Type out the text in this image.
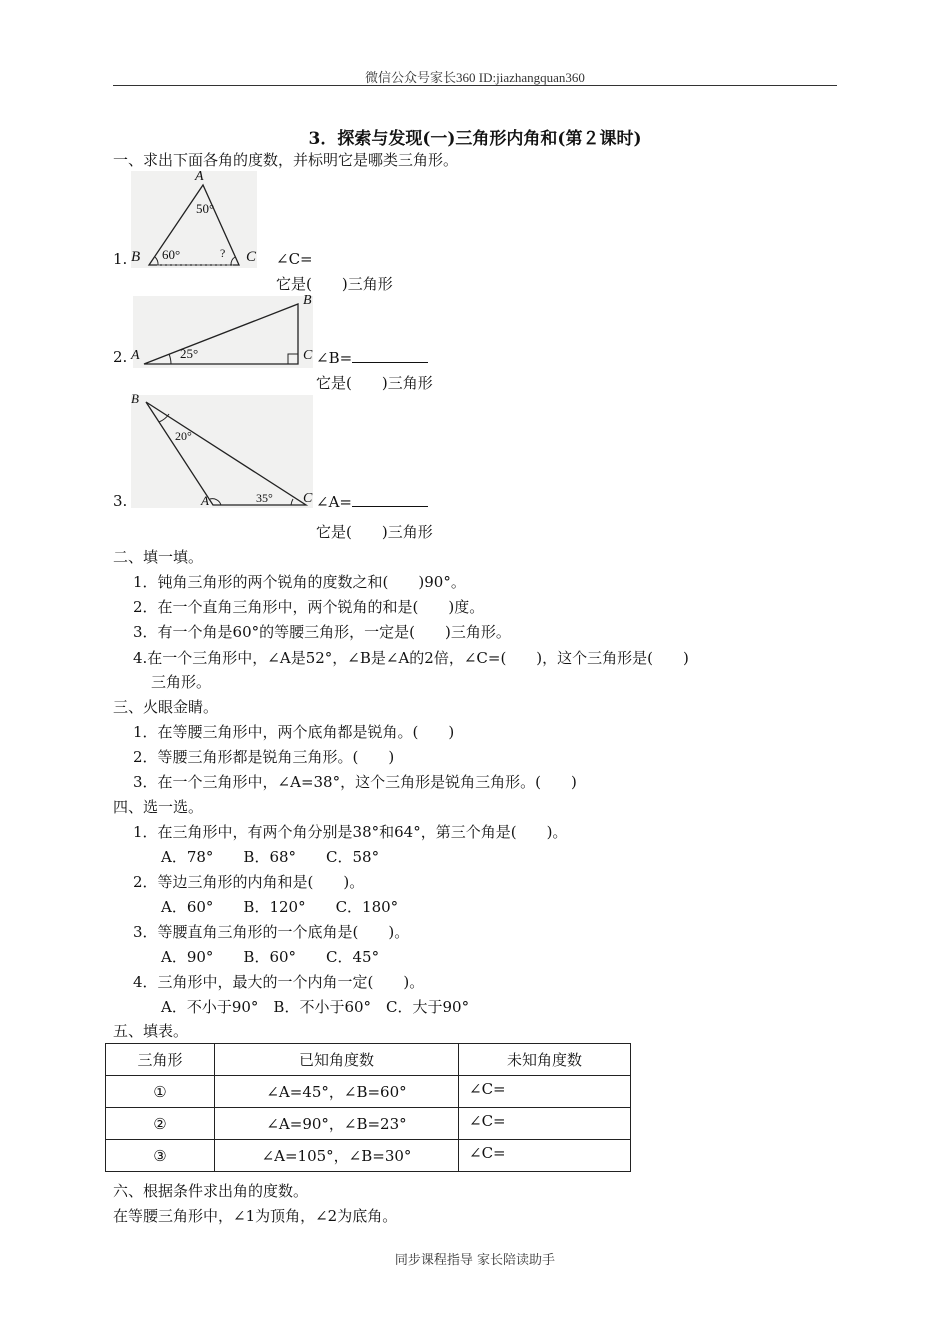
微信公众号家长360 ID:jiazhangquan360
3．探索与发现(一)三角形内角和(第２课时)
一、求出下面各角的度数，并标明它是哪类三角形。
A
50°
60°	?
1. B	C ∠C=
它是(　　)三角形
B
25°
2. A	C ∠B=
它是(　　)三角形
B
20°
35°
A
3.	C ∠A=
它是(　　)三角形
二、填一填。
1．钝角三角形的两个锐角的度数之和(　　)90°。
2．在一个直角三角形中，两个锐角的和是(　　)度。
3．有一个角是60°的等腰三角形，一定是(　　)三角形。
4.在一个三角形中，∠A是52°，∠B是∠A的2倍，∠C=(　　)，这个三角形是(　　)
三角形。
三、火眼金睛。
1．在等腰三角形中，两个底角都是锐角。(　　)
2．等腰三角形都是锐角三角形。(　　)
3．在一个三角形中，∠A=38°，这个三角形是锐角三角形。(　　)
四、选一选。
1．在三角形中，有两个角分别是38°和64°，第三个角是(　　)。
A．78°　　B．68°　　C．58°
2．等边三角形的内角和是(　　)。
A．60°　　B．120°　　C．180°
3．等腰直角三角形的一个底角是(　　)。
A．90°　　B．60°　　C．45°
4．三角形中，最大的一个内角一定(　　)。
A．不小于90°　B．不小于60°　C．大于90°
五、填表。
三角形	已知角度数	未知角度数
①	∠A=45°，∠B=60°	∠C=
②	∠A=90°，∠B=23°	∠C=
③	∠A=105°，∠B=30°	∠C=
六、根据条件求出角的度数。
在等腰三角形中，∠1为顶角，∠2为底角。
同步课程指导 家长陪读助手
